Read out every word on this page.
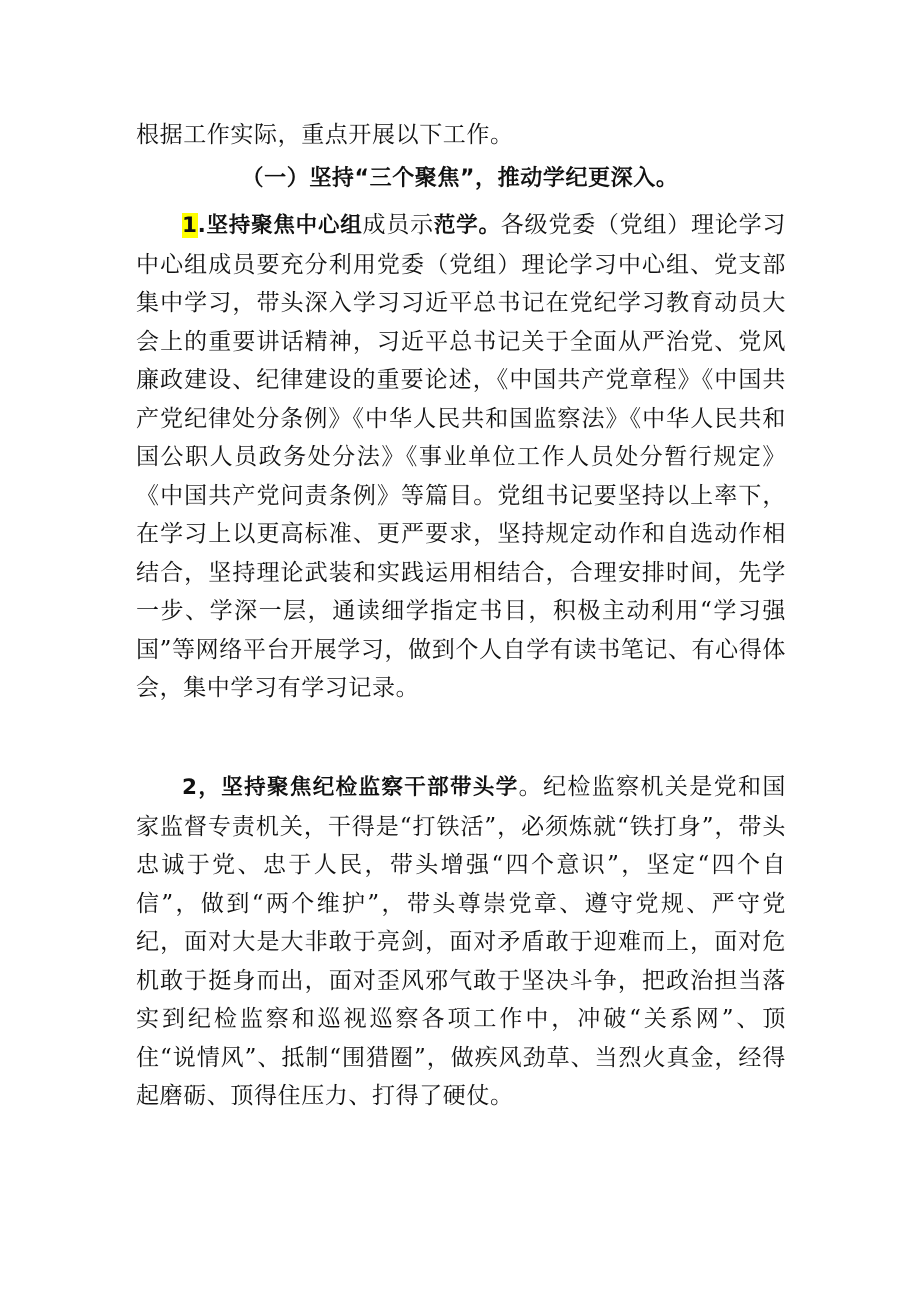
根据工作实际，重点开展以下工作。

（一）坚持“三个聚焦”，推动学纪更深入。

1.坚持聚焦中心组成员示范学。各级党委（党组）理论学习中心组成员要充分利用党委（党组）理论学习中心组、党支部集中学习，带头深入学习习近平总书记在党纪学习教育动员大会上的重要讲话精神，习近平总书记关于全面从严治党、党风廉政建设、纪律建设的重要论述，《中国共产党章程》《中国共产党纪律处分条例》《中华人民共和国监察法》《中华人民共和国公职人员政务处分法》《事业单位工作人员处分暂行规定》《中国共产党问责条例》等篇目。党组书记要坚持以上率下，在学习上以更高标准、更严要求，坚持规定动作和自选动作相结合，坚持理论武装和实践运用相结合，合理安排时间，先学一步、学深一层，通读细学指定书目，积极主动利用“学习强国”等网络平台开展学习，做到个人自学有读书笔记、有心得体会，集中学习有学习记录。

2，坚持聚焦纪检监察干部带头学。纪检监察机关是党和国家监督专责机关，干得是“打铁活”，必须炼就“铁打身”，带头忠诚于党、忠于人民，带头增强“四个意识”，坚定“四个自信”，做到“两个维护”，带头尊崇党章、遵守党规、严守党纪，面对大是大非敢于亮剑，面对矛盾敢于迎难而上，面对危机敢于挺身而出，面对歪风邪气敢于坚决斗争，把政治担当落实到纪检监察和巡视巡察各项工作中，冲破“关系网”、顶住“说情风”、抵制“围猎圈”，做疾风劲草、当烈火真金，经得起磨砺、顶得住压力、打得了硬仗。
